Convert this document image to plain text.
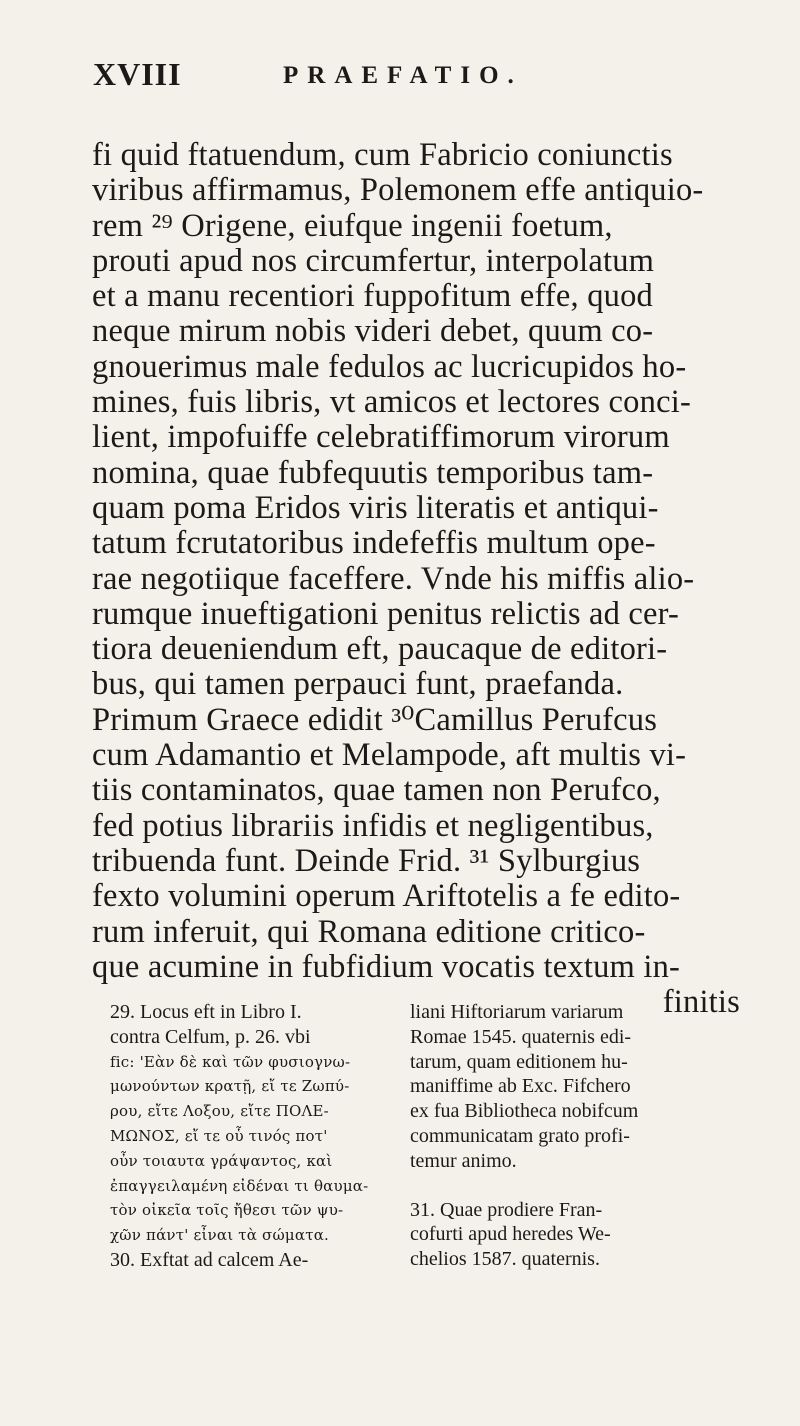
XVIII	PRAEFATIO.
fi quid ftatuendum, cum Fabricio coniunctis
viribus affirmamus, Polemonem effe antiquio-
rem ²⁹ Origene, eiufque ingenii foetum,
prouti apud nos circumfertur, interpolatum
et a manu recentiori fuppofitum effe, quod
neque mirum nobis videri debet, quum co-
gnouerimus male fedulos ac lucricupidos ho-
mines, fuis libris, vt amicos et lectores conci-
lient, impofuiffe celebratiffimorum virorum
nomina, quae fubfequutis temporibus tam-
quam poma Eridos viris literatis et antiqui-
tatum fcrutatoribus indefeffis multum ope-
rae negotiique faceffere. Vnde his miffis alio-
rumque inueftigationi penitus relictis ad cer-
tiora deueniendum eft, paucaque de editori-
bus, qui tamen perpauci funt, praefanda.
Primum Graece edidit ³⁰Camillus Perufcus
cum Adamantio et Melampode, aft multis vi-
tiis contaminatos, quae tamen non Perufco,
fed potius librariis infidis et negligentibus,
tribuenda funt. Deinde Frid. ³¹ Sylburgius
fexto volumini operum Ariftotelis a fe edito-
rum inferuit, qui Romana editione critico-
que acumine in fubfidium vocatis textum in-
finitis
29. Locus eft in Libro I.
contra Celfum, p. 26. vbi
fic: 'Εὰν δὲ καὶ τῶν φυσιογνω-
μωνούντων κρατῇ, εἴ τε Ζωπύ-
ρου, εἴτε Λοξου, εἴτε ΠΟΛΕ-
ΜΩΝΟΣ, εἴ τε οὗ τινός ποτ'
οὖν τοιαυτα γράψαντος, καὶ
ἐπαγγειλαμένη εἰδέναι τι θαυμα-
τὸν οἰκεῖα τοῖς ἤθεσι τῶν ψυ-
χῶν πάντ' εἶναι τὰ σώματα.
30. Exftat ad calcem Ae-
liani Hiftoriarum variarum
Romae 1545. quaternis edi-
tarum, quam editionem hu-
maniffime ab Exc. Fifchero
ex fua Bibliotheca nobifcum
communicatam grato profi-
temur animo.
31. Quae prodiere Fran-
cofurti apud heredes We-
chelios 1587. quaternis.
